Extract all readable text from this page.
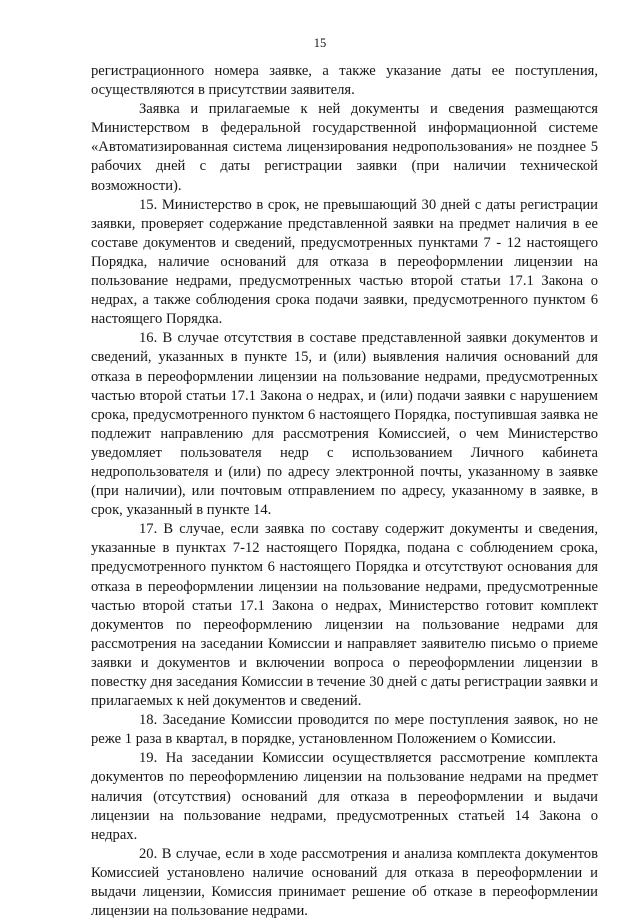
15

регистрационного номера заявке, а также указание даты ее поступления, осуществляются в присутствии заявителя.

Заявка и прилагаемые к ней документы и сведения размещаются Министерством в федеральной государственной информационной системе «Автоматизированная система лицензирования недропользования» не позднее 5 рабочих дней с даты регистрации заявки (при наличии технической возможности).

15. Министерство в срок, не превышающий 30 дней с даты регистрации заявки, проверяет содержание представленной заявки на предмет наличия в ее составе документов и сведений, предусмотренных пунктами 7 - 12 настоящего Порядка, наличие оснований для отказа в переоформлении лицензии на пользование недрами, предусмотренных частью второй статьи 17.1 Закона о недрах, а также соблюдения срока подачи заявки, предусмотренного пунктом 6 настоящего Порядка.

16. В случае отсутствия в составе представленной заявки документов и сведений, указанных в пункте 15, и (или) выявления наличия оснований для отказа в переоформлении лицензии на пользование недрами, предусмотренных частью второй статьи 17.1 Закона о недрах, и (или) подачи заявки с нарушением срока, предусмотренного пунктом 6 настоящего Порядка, поступившая заявка не подлежит направлению для рассмотрения Комиссией, о чем Министерство уведомляет пользователя недр с использованием Личного кабинета недропользователя и (или) по адресу электронной почты, указанному в заявке (при наличии), или почтовым отправлением по адресу, указанному в заявке, в срок, указанный в пункте 14.

17. В случае, если заявка по составу содержит документы и сведения, указанные в пунктах 7-12 настоящего Порядка, подана с соблюдением срока, предусмотренного пунктом 6 настоящего Порядка и отсутствуют основания для отказа в переоформлении лицензии на пользование недрами, предусмотренные частью второй статьи 17.1 Закона о недрах, Министерство готовит комплект документов по переоформлению лицензии на пользование недрами для рассмотрения на заседании Комиссии и направляет заявителю письмо о приеме заявки и документов и включении вопроса о переоформлении лицензии в повестку дня заседания Комиссии в течение 30 дней с даты регистрации заявки и прилагаемых к ней документов и сведений.

18. Заседание Комиссии проводится по мере поступления заявок, но не реже 1 раза в квартал, в порядке, установленном Положением о Комиссии.

19. На заседании Комиссии осуществляется рассмотрение комплекта документов по переоформлению лицензии на пользование недрами на предмет наличия (отсутствия) оснований для отказа в переоформлении и выдачи лицензии на пользование недрами, предусмотренных статьей 14 Закона о недрах.

20. В случае, если в ходе рассмотрения и анализа комплекта документов Комиссией установлено наличие оснований для отказа в переоформлении и выдачи лицензии, Комиссия принимает решение об отказе в переоформлении лицензии на пользование недрами.
